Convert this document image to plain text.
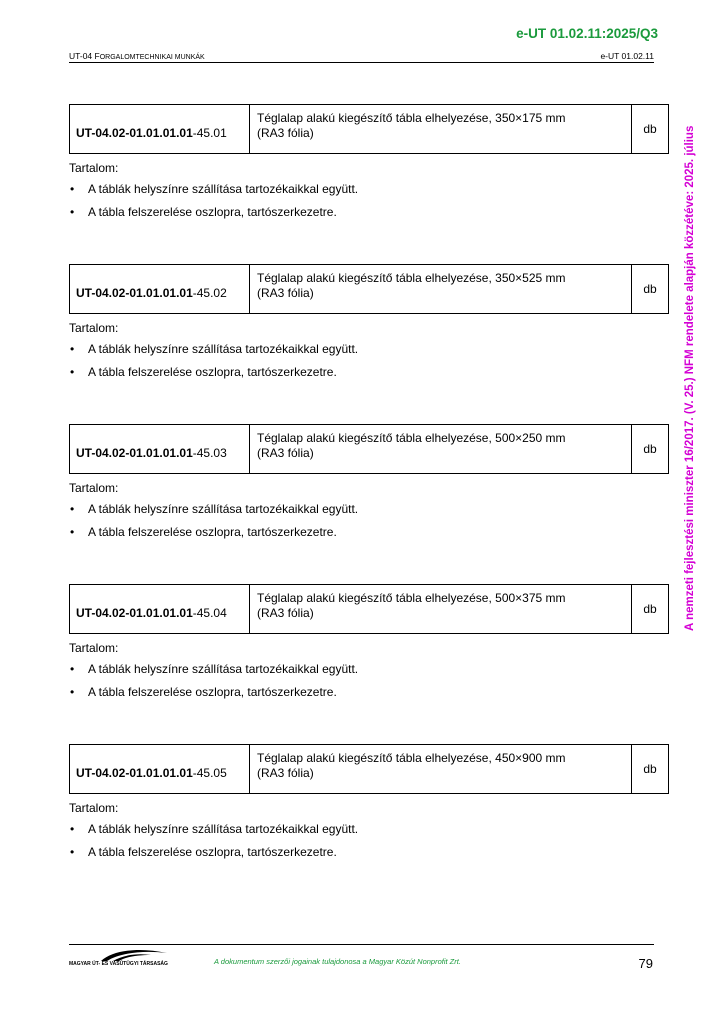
e-UT 01.02.11:2025/Q3
UT-04 FORGALOMTECHNIKAI MUNKÁK	e-UT 01.02.11
A nemzeti fejlesztési miniszter 16/2017. (V. 25.) NFM rendelete alapján közzétéve: 2025. július
UT-04.02-01.01.01.01 -45.01
Téglalap alakú kiegészítő tábla elhelyezése, 350×175 mm
(RA3 fólia)	db
Tartalom:
• A táblák helyszínre szállítása tartozékaikkal együtt.
• A tábla felszerelése oszlopra, tartószerkezetre.
UT-04.02-01.01.01.01 -45.02
Téglalap alakú kiegészítő tábla elhelyezése, 350×525 mm
(RA3 fólia)	db
Tartalom:
• A táblák helyszínre szállítása tartozékaikkal együtt.
• A tábla felszerelése oszlopra, tartószerkezetre.
UT-04.02-01.01.01.01 -45.03
Téglalap alakú kiegészítő tábla elhelyezése, 500×250 mm
(RA3 fólia)	db
Tartalom:
• A táblák helyszínre szállítása tartozékaikkal együtt.
• A tábla felszerelése oszlopra, tartószerkezetre.
UT-04.02-01.01.01.01 -45.04
Téglalap alakú kiegészítő tábla elhelyezése, 500×375 mm
(RA3 fólia)	db
Tartalom:
• A táblák helyszínre szállítása tartozékaikkal együtt.
• A tábla felszerelése oszlopra, tartószerkezetre.
UT-04.02-01.01.01.01 -45.05
Téglalap alakú kiegészítő tábla elhelyezése, 450×900 mm
(RA3 fólia)	db
Tartalom:
• A táblák helyszínre szállítása tartozékaikkal együtt.
• A tábla felszerelése oszlopra, tartószerkezetre.
MAGYAR ÚT- ÉS VASÚTÜGYI TÁRSASÁG	A dokumentum szerzői jogainak tulajdonosa a Magyar Közút Nonprofit Zrt.	79
